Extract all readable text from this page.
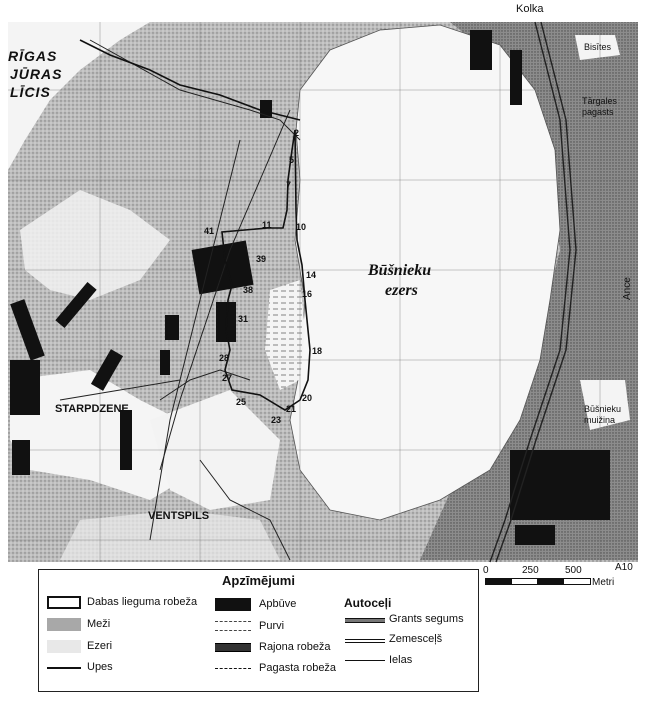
Kolka
RĪGAS
JŪRAS
LĪCIS
Būšnieku
ezers
STARPDZENE
VENTSPILS
Bisītes
Tārgales pagasts
Būšnieku
muižiņa
Ance
A10
2
5
7
10
11
14
16
18
20
21
23
25
27
28
31
38
39
41
0	250	500
Metri
Apzīmējumi
Dabas lieguma robeža
Meži
Ezeri
Upes
Apbūve
Purvi
Rajona robeža
Pagasta robeža
Autoceļi
Grants segums
Zemesceļš
Ielas
